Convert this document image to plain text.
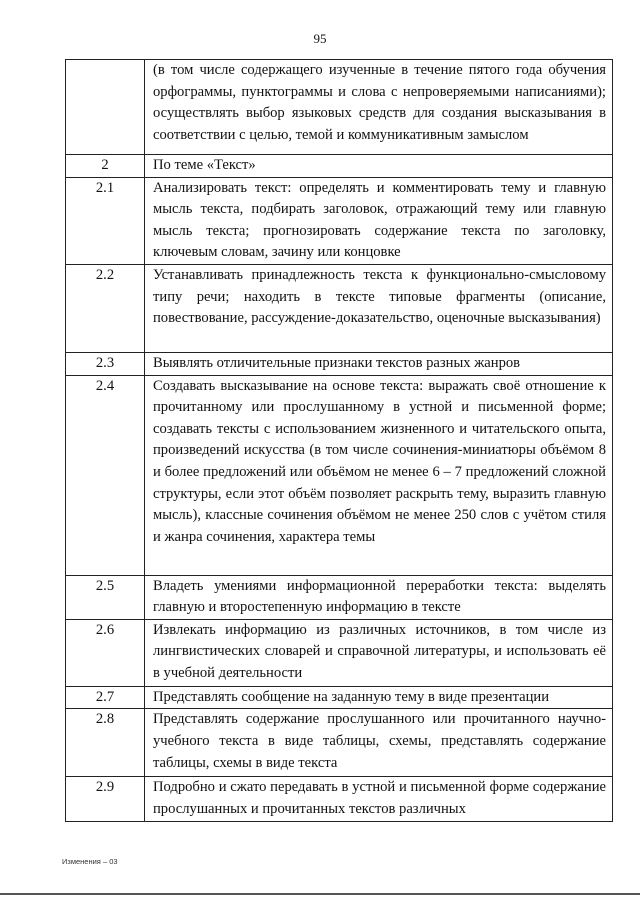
95
	(в том числе содержащего изученные в течение пятого года обучения орфограммы, пунктограммы и слова с непроверяемыми написаниями); осуществлять выбор языковых средств для создания высказывания в соответствии с целью, темой и коммуникативным замыслом
2	По теме «Текст»
2.1	Анализировать текст: определять и комментировать тему и главную мысль текста, подбирать заголовок, отражающий тему или главную мысль текста; прогнозировать содержание текста по заголовку, ключевым словам, зачину или концовке
2.2	Устанавливать принадлежность текста к функционально-смысловому типу речи; находить в тексте типовые фрагменты (описание, повествование, рассуждение-доказательство, оценочные высказывания)
2.3	Выявлять отличительные признаки текстов разных жанров
2.4	Создавать высказывание на основе текста: выражать своё отношение к прочитанному или прослушанному в устной и письменной форме; создавать тексты с использованием жизненного и читательского опыта, произведений искусства (в том числе сочинения-миниатюры объёмом 8 и более предложений или объёмом не менее 6 – 7 предложений сложной структуры, если этот объём позволяет раскрыть тему, выразить главную мысль), классные сочинения объёмом не менее 250 слов с учётом стиля и жанра сочинения, характера темы
2.5	Владеть умениями информационной переработки текста: выделять главную и второстепенную информацию в тексте
2.6	Извлекать информацию из различных источников, в том числе из лингвистических словарей и справочной литературы, и использовать её в учебной деятельности
2.7	Представлять сообщение на заданную тему в виде презентации
2.8	Представлять содержание прослушанного или прочитанного научно-учебного текста в виде таблицы, схемы, представлять содержание таблицы, схемы в виде текста
2.9	Подробно и сжато передавать в устной и письменной форме содержание прослушанных и прочитанных текстов различных
Изменения – 03
